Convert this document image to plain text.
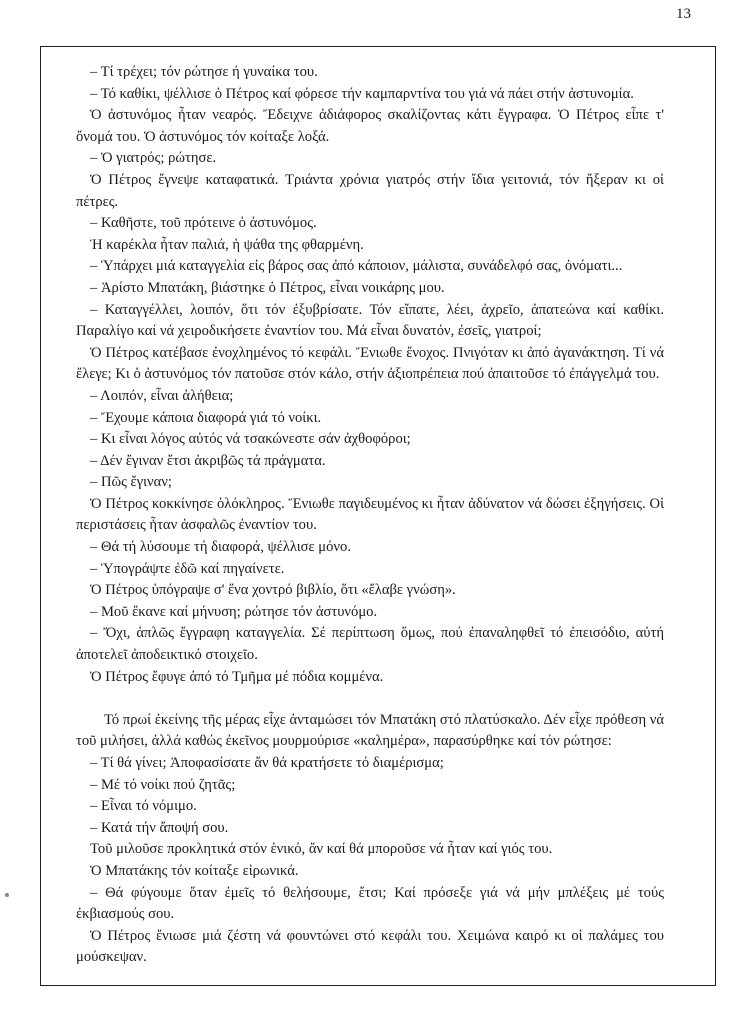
13

– Τί τρέχει; τόν ρώτησε ή γυναίκα του.

– Τό καθίκι, ψέλλισε ὁ Πέτρος καί φόρεσε τήν καμπαρντίνα του γιά νά πάει στήν ἀστυνομία.

Ὁ ἀστυνόμος ἦταν νεαρός. Ἔδειχνε ἀδιάφορος σκαλίζοντας κάτι ἔγγραφα. Ὁ Πέτρος εἶπε τ' ὄνομά του. Ὁ ἀστυνόμος τόν κοίταξε λοξά.

– Ὁ γιατρός; ρώτησε.

Ὁ Πέτρος ἔγνεψε καταφατικά. Τριάντα χρόνια γιατρός στήν ἴδια γειτονιά, τόν ἤξεραν κι οἱ πέτρες.

– Καθῆστε, τοῦ πρότεινε ὁ ἀστυνόμος.

Ἡ καρέκλα ἦταν παλιά, ἡ ψάθα της φθαρμένη.

– Ὑπάρχει μιά καταγγελία εἰς βάρος σας ἀπό κάποιον, μάλιστα, συνάδελφό σας, ὀνόματι...

– Ἀρίστο Μπατάκη, βιάστηκε ὁ Πέτρος, εἶναι νοικάρης μου.

– Καταγγέλλει, λοιπόν, ὅτι τόν ἐξυβρίσατε. Τόν εἴπατε, λέει, ἀχρεῖο, ἀπατεώνα καί καθίκι. Παραλίγο καί νά χειροδικήσετε ἐναντίον του. Μά εἶναι δυνατόν, ἐσεῖς, γιατροί;

Ὁ Πέτρος κατέβασε ἐνοχλημένος τό κεφάλι. Ἔνιωθε ἔνοχος. Πνιγόταν κι ἀπό ἀγανάκτηση. Τί νά ἔλεγε; Κι ὁ ἀστυνόμος τόν πατοῦσε στόν κάλο, στήν ἀξιοπρέπεια πού ἀπαιτοῦσε τό ἐπάγγελμά του.

– Λοιπόν, εἶναι ἀλήθεια;

– Ἔχουμε κάποια διαφορά γιά τό νοίκι.

– Κι εἶναι λόγος αὐτός νά τσακώνεστε σάν ἀχθοφόροι;

– Δέν ἔγιναν ἔτσι ἀκριβῶς τά πράγματα.

– Πῶς ἔγιναν;

Ὁ Πέτρος κοκκίνησε ὁλόκληρος. Ἔνιωθε παγιδευμένος κι ἦταν ἀδύνατον νά δώσει ἐξηγήσεις. Οἱ περιστάσεις ἦταν ἀσφαλῶς ἐναντίον του.

– Θά τή λύσουμε τή διαφορά, ψέλλισε μόνο.

– Ὑπογράψτε ἐδῶ καί πηγαίνετε.

Ὁ Πέτρος ὑπόγραψε σ' ἕνα χοντρό βιβλίο, ὅτι «ἔλαβε γνώση».

– Μοῦ ἔκανε καί μήνυση; ρώτησε τόν ἀστυνόμο.

– Ὄχι, ἁπλῶς ἔγγραφη καταγγελία. Σέ περίπτωση ὅμως, πού ἐπαναληφθεῖ τό ἐπεισόδιο, αὐτή ἀποτελεῖ ἀποδεικτικό στοιχεῖο.

Ὁ Πέτρος ἔφυγε ἀπό τό Τμῆμα μέ πόδια κομμένα.

Τό πρωί ἐκείνης τῆς μέρας εἶχε ἀνταμώσει τόν Μπατάκη στό πλατύσκαλο. Δέν εἶχε πρόθεση νά τοῦ μιλήσει, ἀλλά καθώς ἐκεῖνος μουρμούρισε «καλημέρα», παρασύρθηκε καί τόν ρώτησε:

– Τί θά γίνει; Ἀποφασίσατε ἄν θά κρατήσετε τό διαμέρισμα;

– Μέ τό νοίκι πού ζητᾶς;

– Εἶναι τό νόμιμο.

– Κατά τήν ἄποψή σου.

Τοῦ μιλοῦσε προκλητικά στόν ἑνικό, ἄν καί θά μποροῦσε νά ἦταν καί γιός του.

Ὁ Μπατάκης τόν κοίταξε εἰρωνικά.

– Θά φύγουμε ὅταν ἐμεῖς τό θελήσουμε, ἔτσι; Καί πρόσεξε γιά νά μήν μπλέξεις μέ τούς ἐκβιασμούς σου.

Ὁ Πέτρος ἔνιωσε μιά ζέστη νά φουντώνει στό κεφάλι του. Χειμώνα καιρό κι οἱ παλάμες του μούσκεψαν.
